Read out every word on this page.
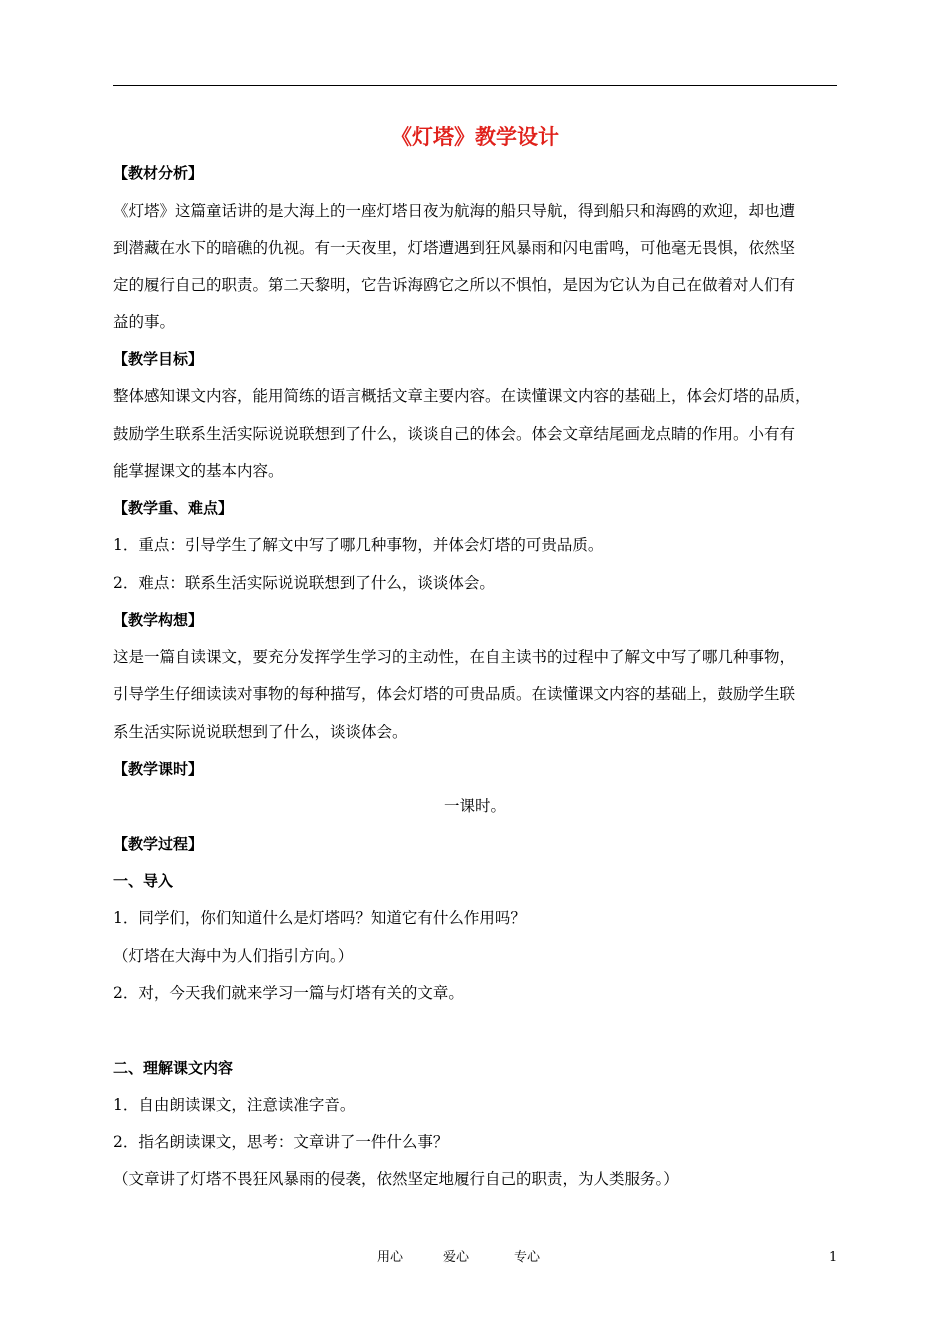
《灯塔》教学设计
【教材分析】
《灯塔》这篇童话讲的是大海上的一座灯塔日夜为航海的船只导航，得到船只和海鸥的欢迎，却也遭
到潜藏在水下的暗礁的仇视。有一天夜里，灯塔遭遇到狂风暴雨和闪电雷鸣，可他毫无畏惧，依然坚
定的履行自己的职责。第二天黎明，它告诉海鸥它之所以不惧怕，是因为它认为自己在做着对人们有
益的事。
【教学目标】
整体感知课文内容，能用简练的语言概括文章主要内容。在读懂课文内容的基础上，体会灯塔的品质，
鼓励学生联系生活实际说说联想到了什么，谈谈自己的体会。体会文章结尾画龙点睛的作用。小有有
能掌握课文的基本内容。
【教学重、难点】
1．重点：引导学生了解文中写了哪几种事物，并体会灯塔的可贵品质。
2．难点：联系生活实际说说联想到了什么，谈谈体会。
【教学构想】
这是一篇自读课文，要充分发挥学生学习的主动性，在自主读书的过程中了解文中写了哪几种事物，
引导学生仔细读读对事物的每种描写，体会灯塔的可贵品质。在读懂课文内容的基础上，鼓励学生联
系生活实际说说联想到了什么，谈谈体会。
【教学课时】
一课时。
【教学过程】
一、导入
1．同学们，你们知道什么是灯塔吗？知道它有什么作用吗？
（灯塔在大海中为人们指引方向。）
2．对，今天我们就来学习一篇与灯塔有关的文章。
二、理解课文内容
1．自由朗读课文，注意读准字音。
2．指名朗读课文，思考：文章讲了一件什么事？
（文章讲了灯塔不畏狂风暴雨的侵袭，依然坚定地履行自己的职责，为人类服务。）
用心	爱心	专心	1
